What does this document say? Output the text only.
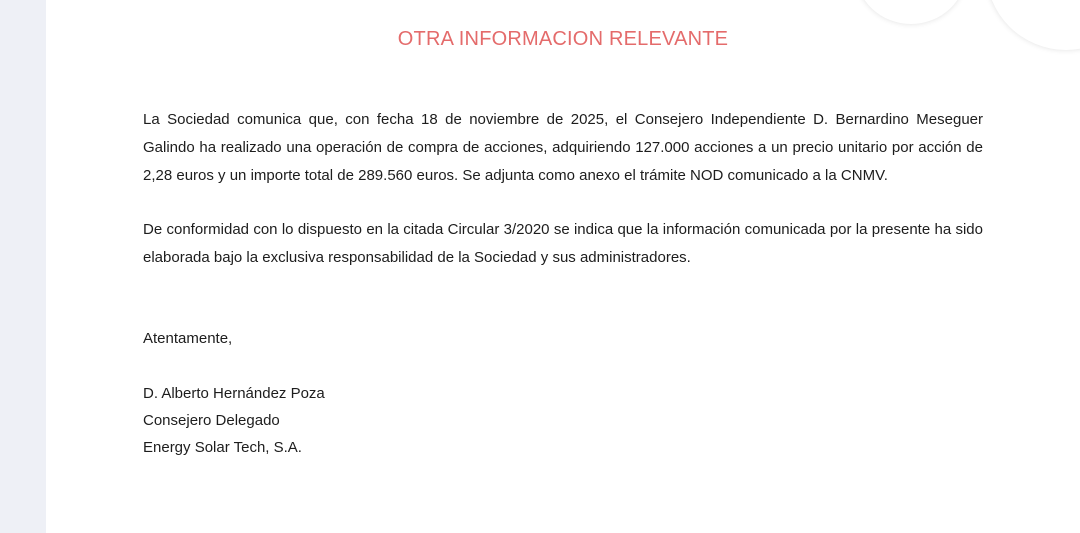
OTRA INFORMACION RELEVANTE

La Sociedad comunica que, con fecha 18 de noviembre de 2025, el Consejero Independiente D. Bernardino Meseguer Galindo ha realizado una operación de compra de acciones, adquiriendo 127.000 acciones a un precio unitario por acción de 2,28 euros y un importe total de 289.560 euros. Se adjunta como anexo el trámite NOD comunicado a la CNMV.

De conformidad con lo dispuesto en la citada Circular 3/2020 se indica que la información comunicada por la presente ha sido elaborada bajo la exclusiva responsabilidad de la Sociedad y sus administradores.

Atentamente,

D. Alberto Hernández Poza

Consejero Delegado

Energy Solar Tech, S.A.
